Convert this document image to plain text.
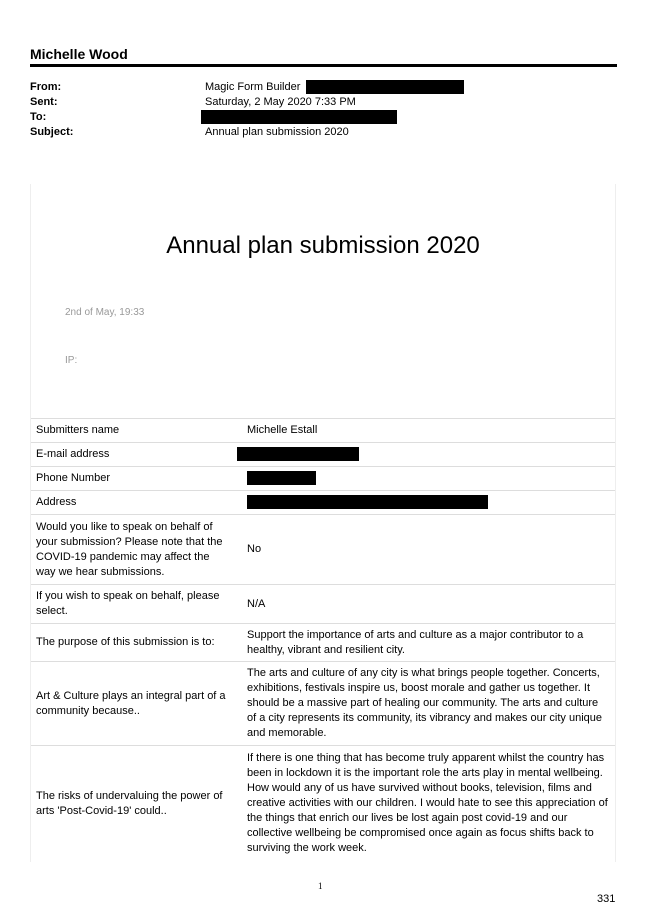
Michelle Wood
From:	Magic Form Builder
Sent:	Saturday, 2 May 2020 7:33 PM
To:
Subject:	Annual plan submission 2020
Annual plan submission 2020
2nd of May, 19:33
IP:
Submitters name	Michelle Estall
E-mail address	
Phone Number	
Address	
Would you like to speak on behalf of your submission? Please note that the COVID-19 pandemic may affect the way we hear submissions.	No
If you wish to speak on behalf, please select.	N/A
The purpose of this submission is to:	Support the importance of arts and culture as a major contributor to a healthy, vibrant and resilient city.
Art & Culture plays an integral part of a community because..	The arts and culture of any city is what brings people together. Concerts, exhibitions, festivals inspire us, boost morale and gather us together. It should be a massive part of healing our community. The arts and culture of a city represents its community, its vibrancy and makes our city unique and memorable.
The risks of undervaluing the power of arts 'Post-Covid-19' could..	If there is one thing that has become truly apparent whilst the country has been in lockdown it is the important role the arts play in mental wellbeing. How would any of us have survived without books, television, films and creative activities with our children. I would hate to see this appreciation of the things that enrich our lives be lost again post covid-19 and our collective wellbeing be compromised once again as focus shifts back to surviving the work week.
1
331
